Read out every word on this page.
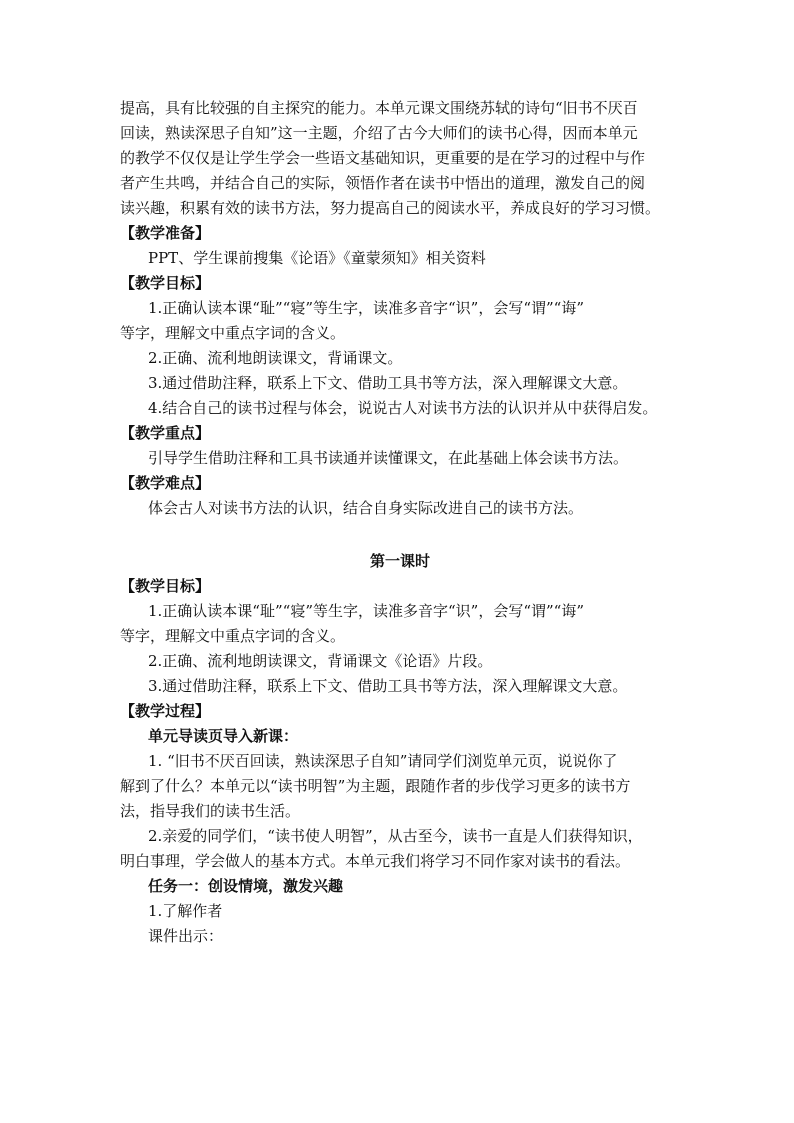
提高，具有比较强的自主探究的能力。本单元课文围绕苏轼的诗句“旧书不厌百
回读，熟读深思子自知”这一主题，介绍了古今大师们的读书心得，因而本单元
的教学不仅仅是让学生学会一些语文基础知识，更重要的是在学习的过程中与作
者产生共鸣，并结合自己的实际，领悟作者在读书中悟出的道理，激发自己的阅
读兴趣，积累有效的读书方法，努力提高自己的阅读水平，养成良好的学习习惯。
【教学准备】
PPT、学生课前搜集《论语》《童蒙须知》相关资料
【教学目标】
1.正确认读本课“耻”“寝”等生字，读准多音字“识”，会写“谓”“诲”
等字，理解文中重点字词的含义。
2.正确、流利地朗读课文，背诵课文。
3.通过借助注释，联系上下文、借助工具书等方法，深入理解课文大意。
4.结合自己的读书过程与体会，说说古人对读书方法的认识并从中获得启发。
【教学重点】
引导学生借助注释和工具书读通并读懂课文，在此基础上体会读书方法。
【教学难点】
体会古人对读书方法的认识，结合自身实际改进自己的读书方法。
第一课时
【教学目标】
1.正确认读本课“耻”“寝”等生字，读准多音字“识”，会写“谓”“诲”
等字，理解文中重点字词的含义。
2.正确、流利地朗读课文，背诵课文《论语》片段。
3.通过借助注释，联系上下文、借助工具书等方法，深入理解课文大意。
【教学过程】
单元导读页导入新课：
1. “旧书不厌百回读，熟读深思子自知”请同学们浏览单元页，说说你了
解到了什么？本单元以“读书明智”为主题，跟随作者的步伐学习更多的读书方
法，指导我们的读书生活。
2.亲爱的同学们，“读书使人明智”，从古至今，读书一直是人们获得知识，
明白事理，学会做人的基本方式。本单元我们将学习不同作家对读书的看法。
任务一：创设情境，激发兴趣
1.了解作者
课件出示：
